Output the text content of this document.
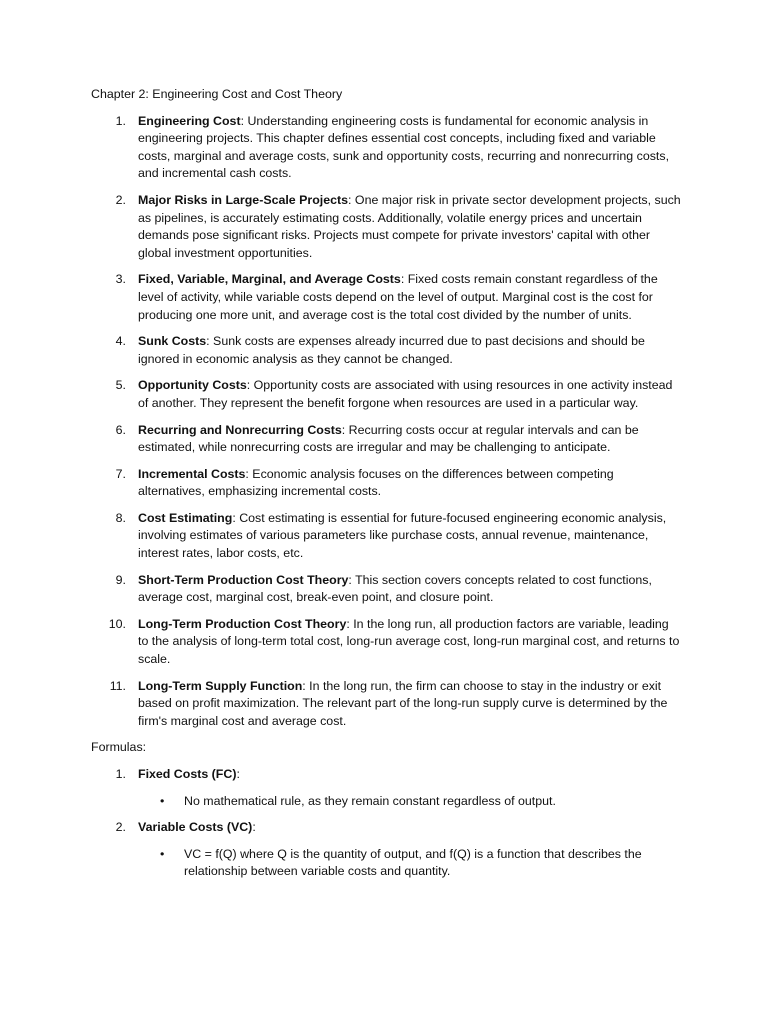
Chapter 2: Engineering Cost and Cost Theory

1. Engineering Cost: Understanding engineering costs is fundamental for economic analysis in engineering projects. This chapter defines essential cost concepts, including fixed and variable costs, marginal and average costs, sunk and opportunity costs, recurring and nonrecurring costs, and incremental cash costs.
2. Major Risks in Large-Scale Projects: One major risk in private sector development projects, such as pipelines, is accurately estimating costs. Additionally, volatile energy prices and uncertain demands pose significant risks. Projects must compete for private investors' capital with other global investment opportunities.
3. Fixed, Variable, Marginal, and Average Costs: Fixed costs remain constant regardless of the level of activity, while variable costs depend on the level of output. Marginal cost is the cost for producing one more unit, and average cost is the total cost divided by the number of units.
4. Sunk Costs: Sunk costs are expenses already incurred due to past decisions and should be ignored in economic analysis as they cannot be changed.
5. Opportunity Costs: Opportunity costs are associated with using resources in one activity instead of another. They represent the benefit forgone when resources are used in a particular way.
6. Recurring and Nonrecurring Costs: Recurring costs occur at regular intervals and can be estimated, while nonrecurring costs are irregular and may be challenging to anticipate.
7. Incremental Costs: Economic analysis focuses on the differences between competing alternatives, emphasizing incremental costs.
8. Cost Estimating: Cost estimating is essential for future-focused engineering economic analysis, involving estimates of various parameters like purchase costs, annual revenue, maintenance, interest rates, labor costs, etc.
9. Short-Term Production Cost Theory: This section covers concepts related to cost functions, average cost, marginal cost, break-even point, and closure point.
10. Long-Term Production Cost Theory: In the long run, all production factors are variable, leading to the analysis of long-term total cost, long-run average cost, long-run marginal cost, and returns to scale.
11. Long-Term Supply Function: In the long run, the firm can choose to stay in the industry or exit based on profit maximization. The relevant part of the long-run supply curve is determined by the firm's marginal cost and average cost.

Formulas:

1. Fixed Costs (FC):
• No mathematical rule, as they remain constant regardless of output.
2. Variable Costs (VC):
• VC = f(Q) where Q is the quantity of output, and f(Q) is a function that describes the relationship between variable costs and quantity.
